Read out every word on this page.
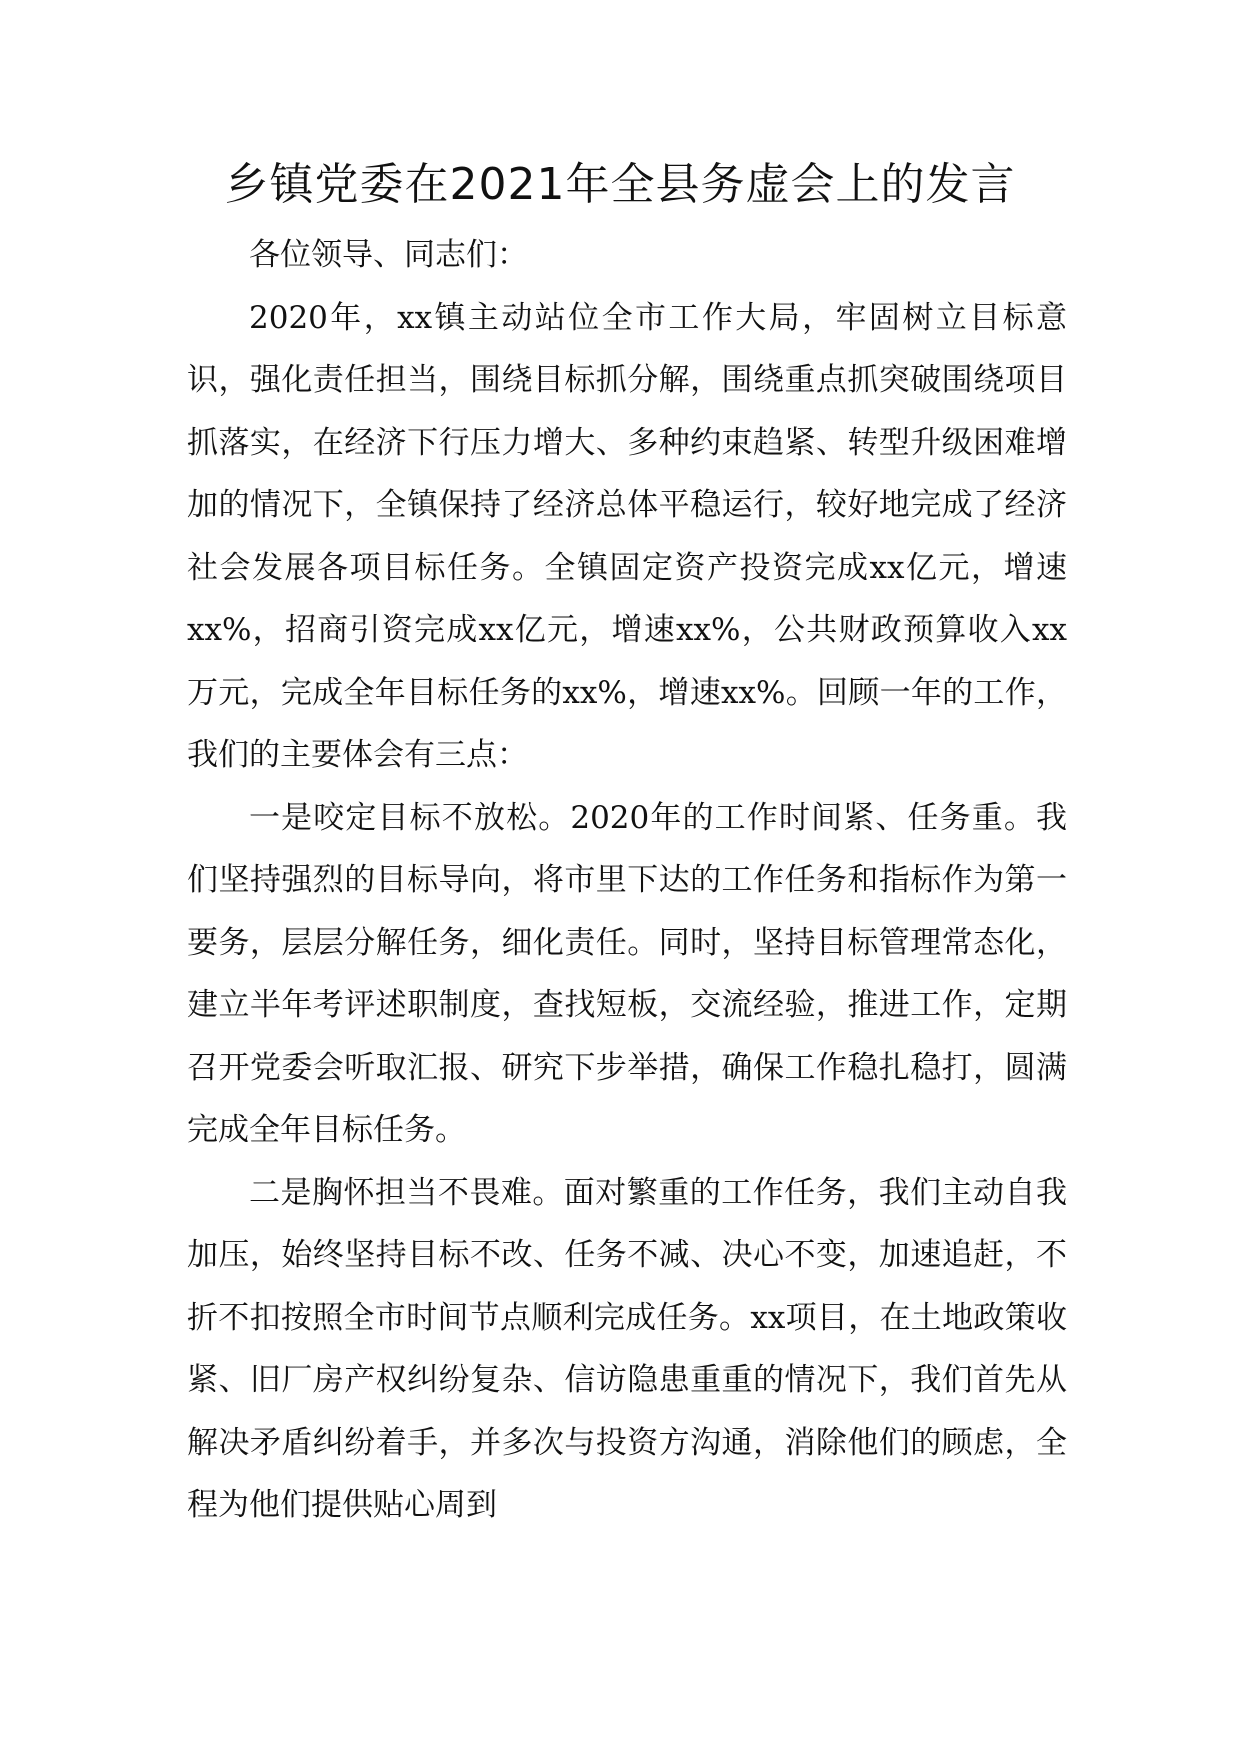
乡镇党委在2021年全县务虚会上的发言

各位领导、同志们：

2020年，xx镇主动站位全市工作大局，牢固树立目标意识，强化责任担当，围绕目标抓分解，围绕重点抓突破围绕项目抓落实，在经济下行压力增大、多种约束趋紧、转型升级困难增加的情况下，全镇保持了经济总体平稳运行，较好地完成了经济社会发展各项目标任务。全镇固定资产投资完成xx亿元，增速xx%，招商引资完成xx亿元，增速xx%，公共财政预算收入xx万元，完成全年目标任务的xx%，增速xx%。回顾一年的工作，我们的主要体会有三点：

一是咬定目标不放松。2020年的工作时间紧、任务重。我们坚持强烈的目标导向，将市里下达的工作任务和指标作为第一要务，层层分解任务，细化责任。同时，坚持目标管理常态化，建立半年考评述职制度，查找短板，交流经验，推进工作，定期召开党委会听取汇报、研究下步举措，确保工作稳扎稳打，圆满完成全年目标任务。

二是胸怀担当不畏难。面对繁重的工作任务，我们主动自我加压，始终坚持目标不改、任务不减、决心不变，加速追赶，不折不扣按照全市时间节点顺利完成任务。xx项目，在土地政策收紧、旧厂房产权纠纷复杂、信访隐患重重的情况下，我们首先从解决矛盾纠纷着手，并多次与投资方沟通，消除他们的顾虑，全程为他们提供贴心周到
